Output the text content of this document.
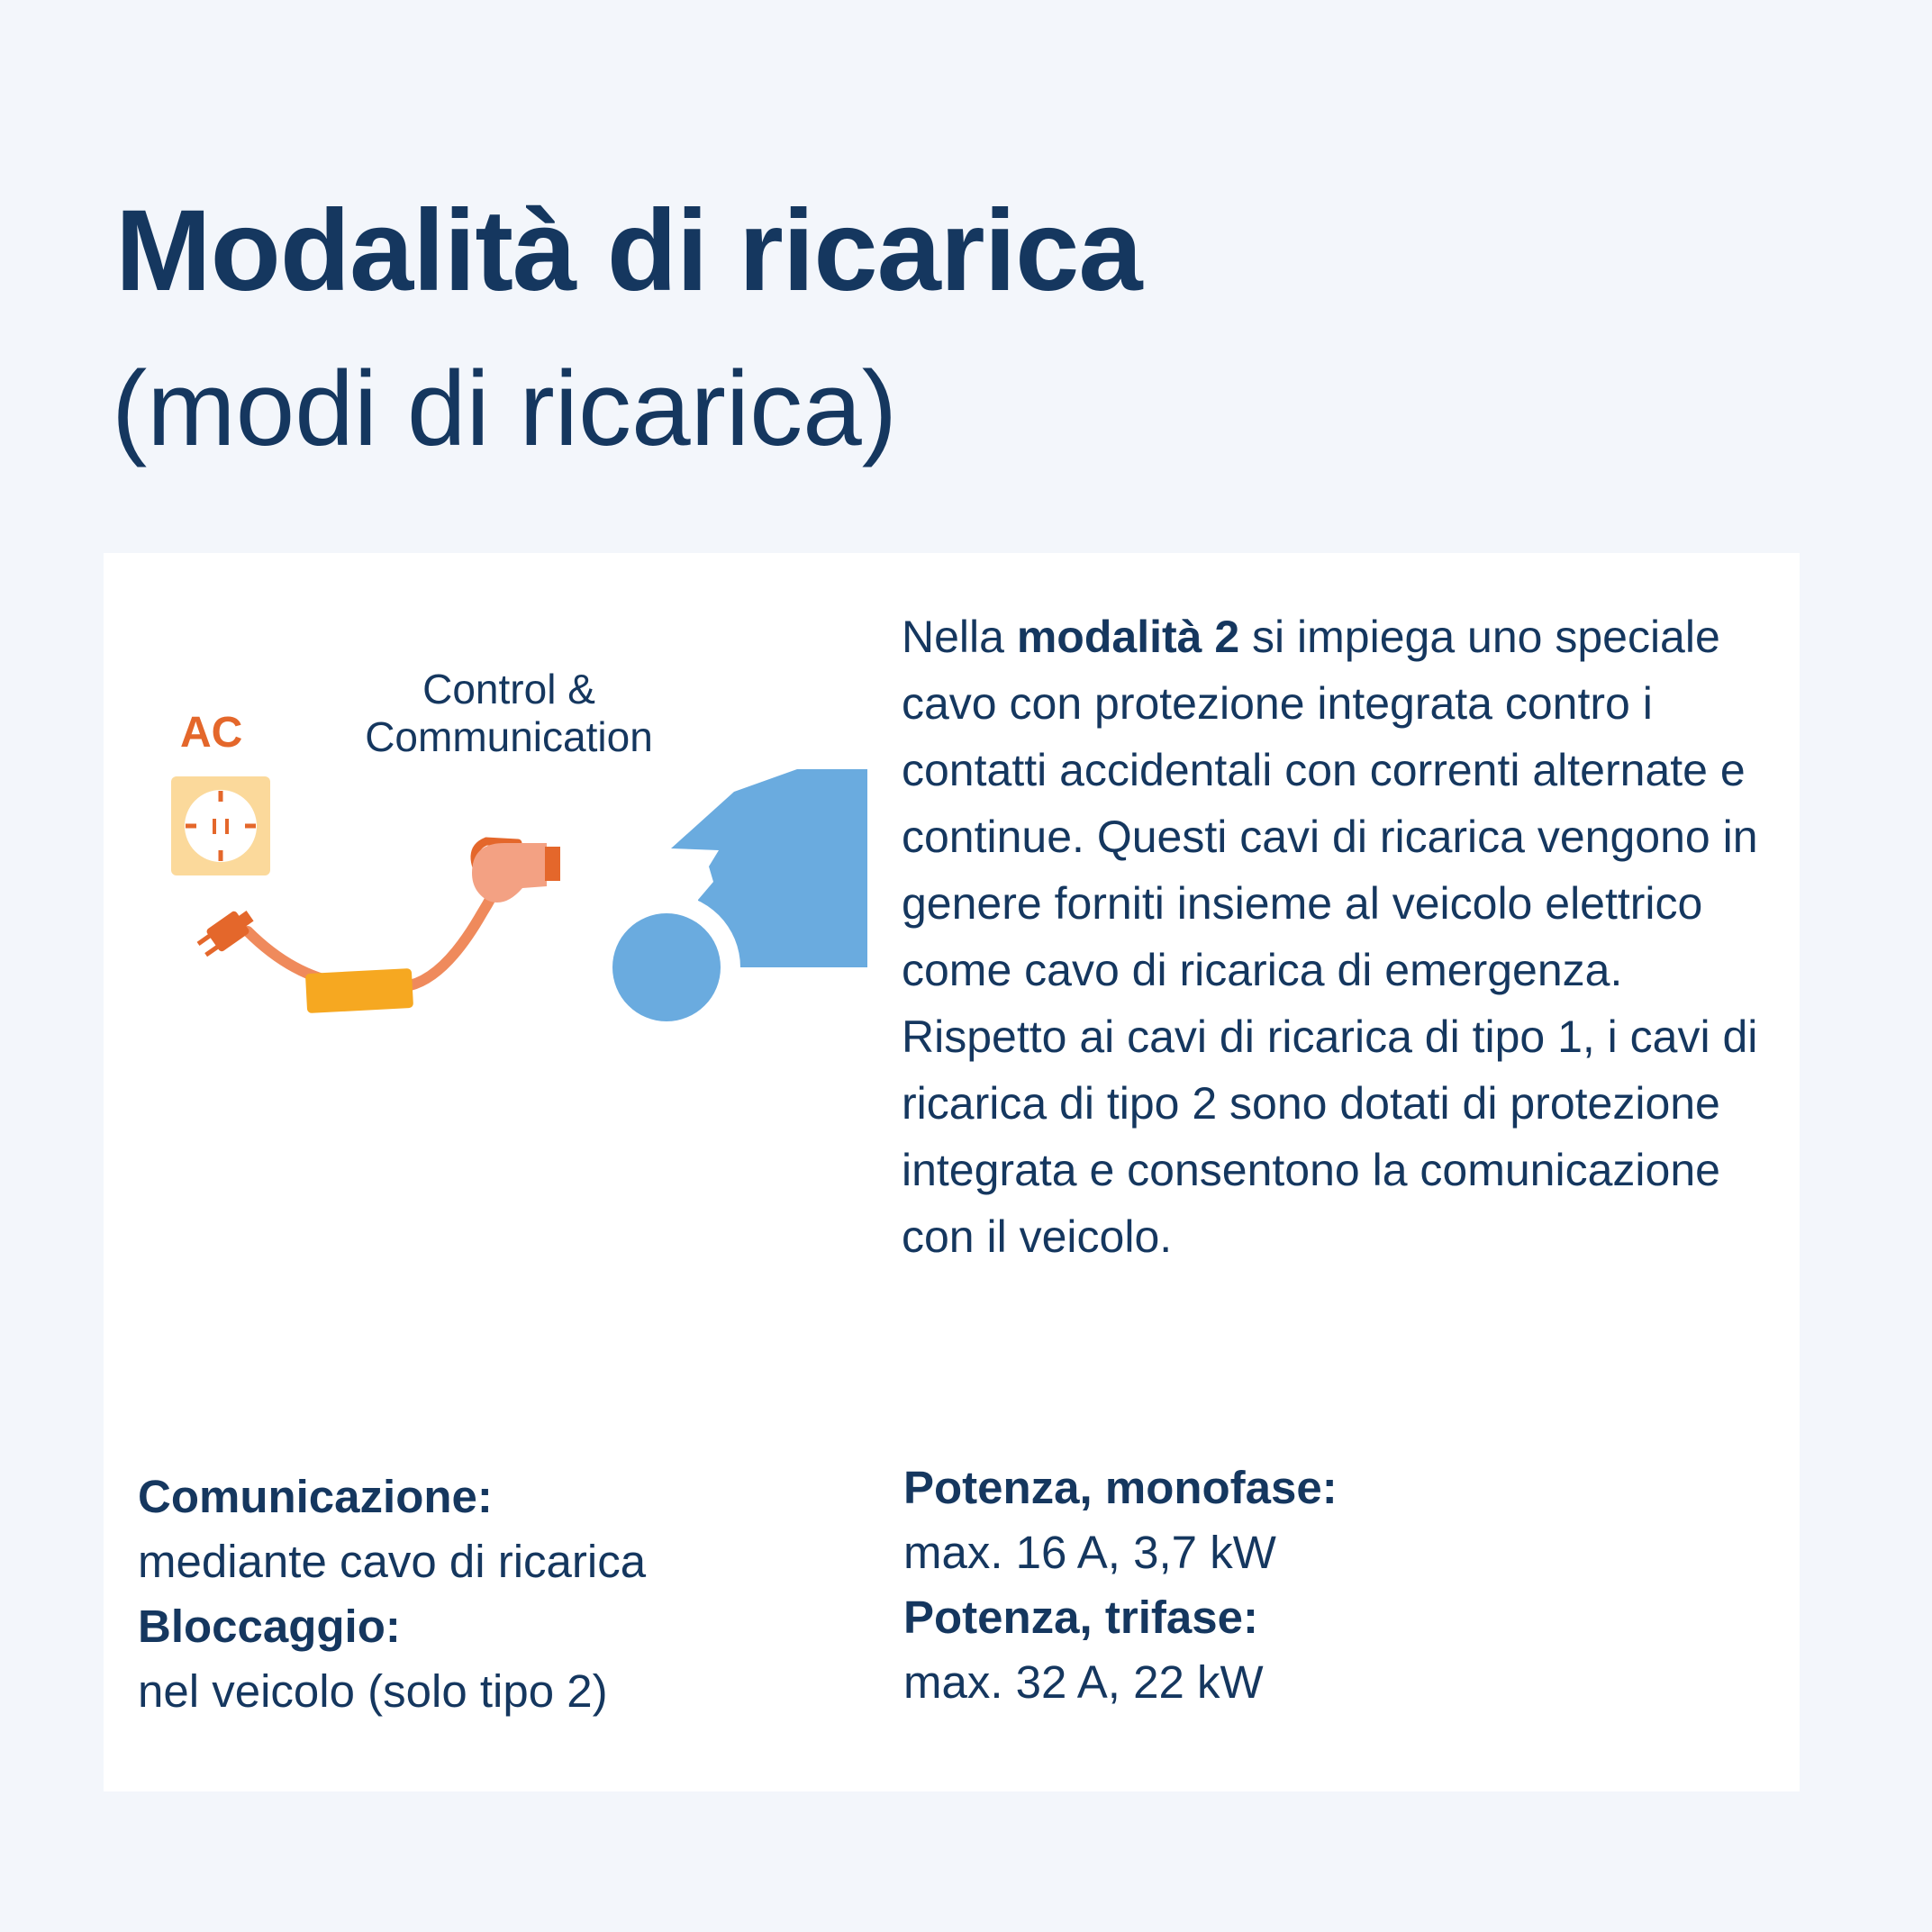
Modalità di ricarica
(modi di ricarica)
AC
Control &
Communication

Nella modalità 2 si impiega uno speciale cavo con protezione integrata contro i contatti accidentali con correnti alternate e continue. Questi cavi di ricarica vengono in genere forniti insieme al veicolo elettrico come cavo di ricarica di emergenza. Rispetto ai cavi di ricarica di tipo 1, i cavi di ricarica di tipo 2 sono dotati di protezione integrata e consentono la comunicazione con il veicolo.

Comunicazione:
mediante cavo di ricarica
Bloccaggio:
nel veicolo (solo tipo 2)
Potenza, monofase:
max. 16 A, 3,7 kW
Potenza, trifase:
max. 32 A, 22 kW
